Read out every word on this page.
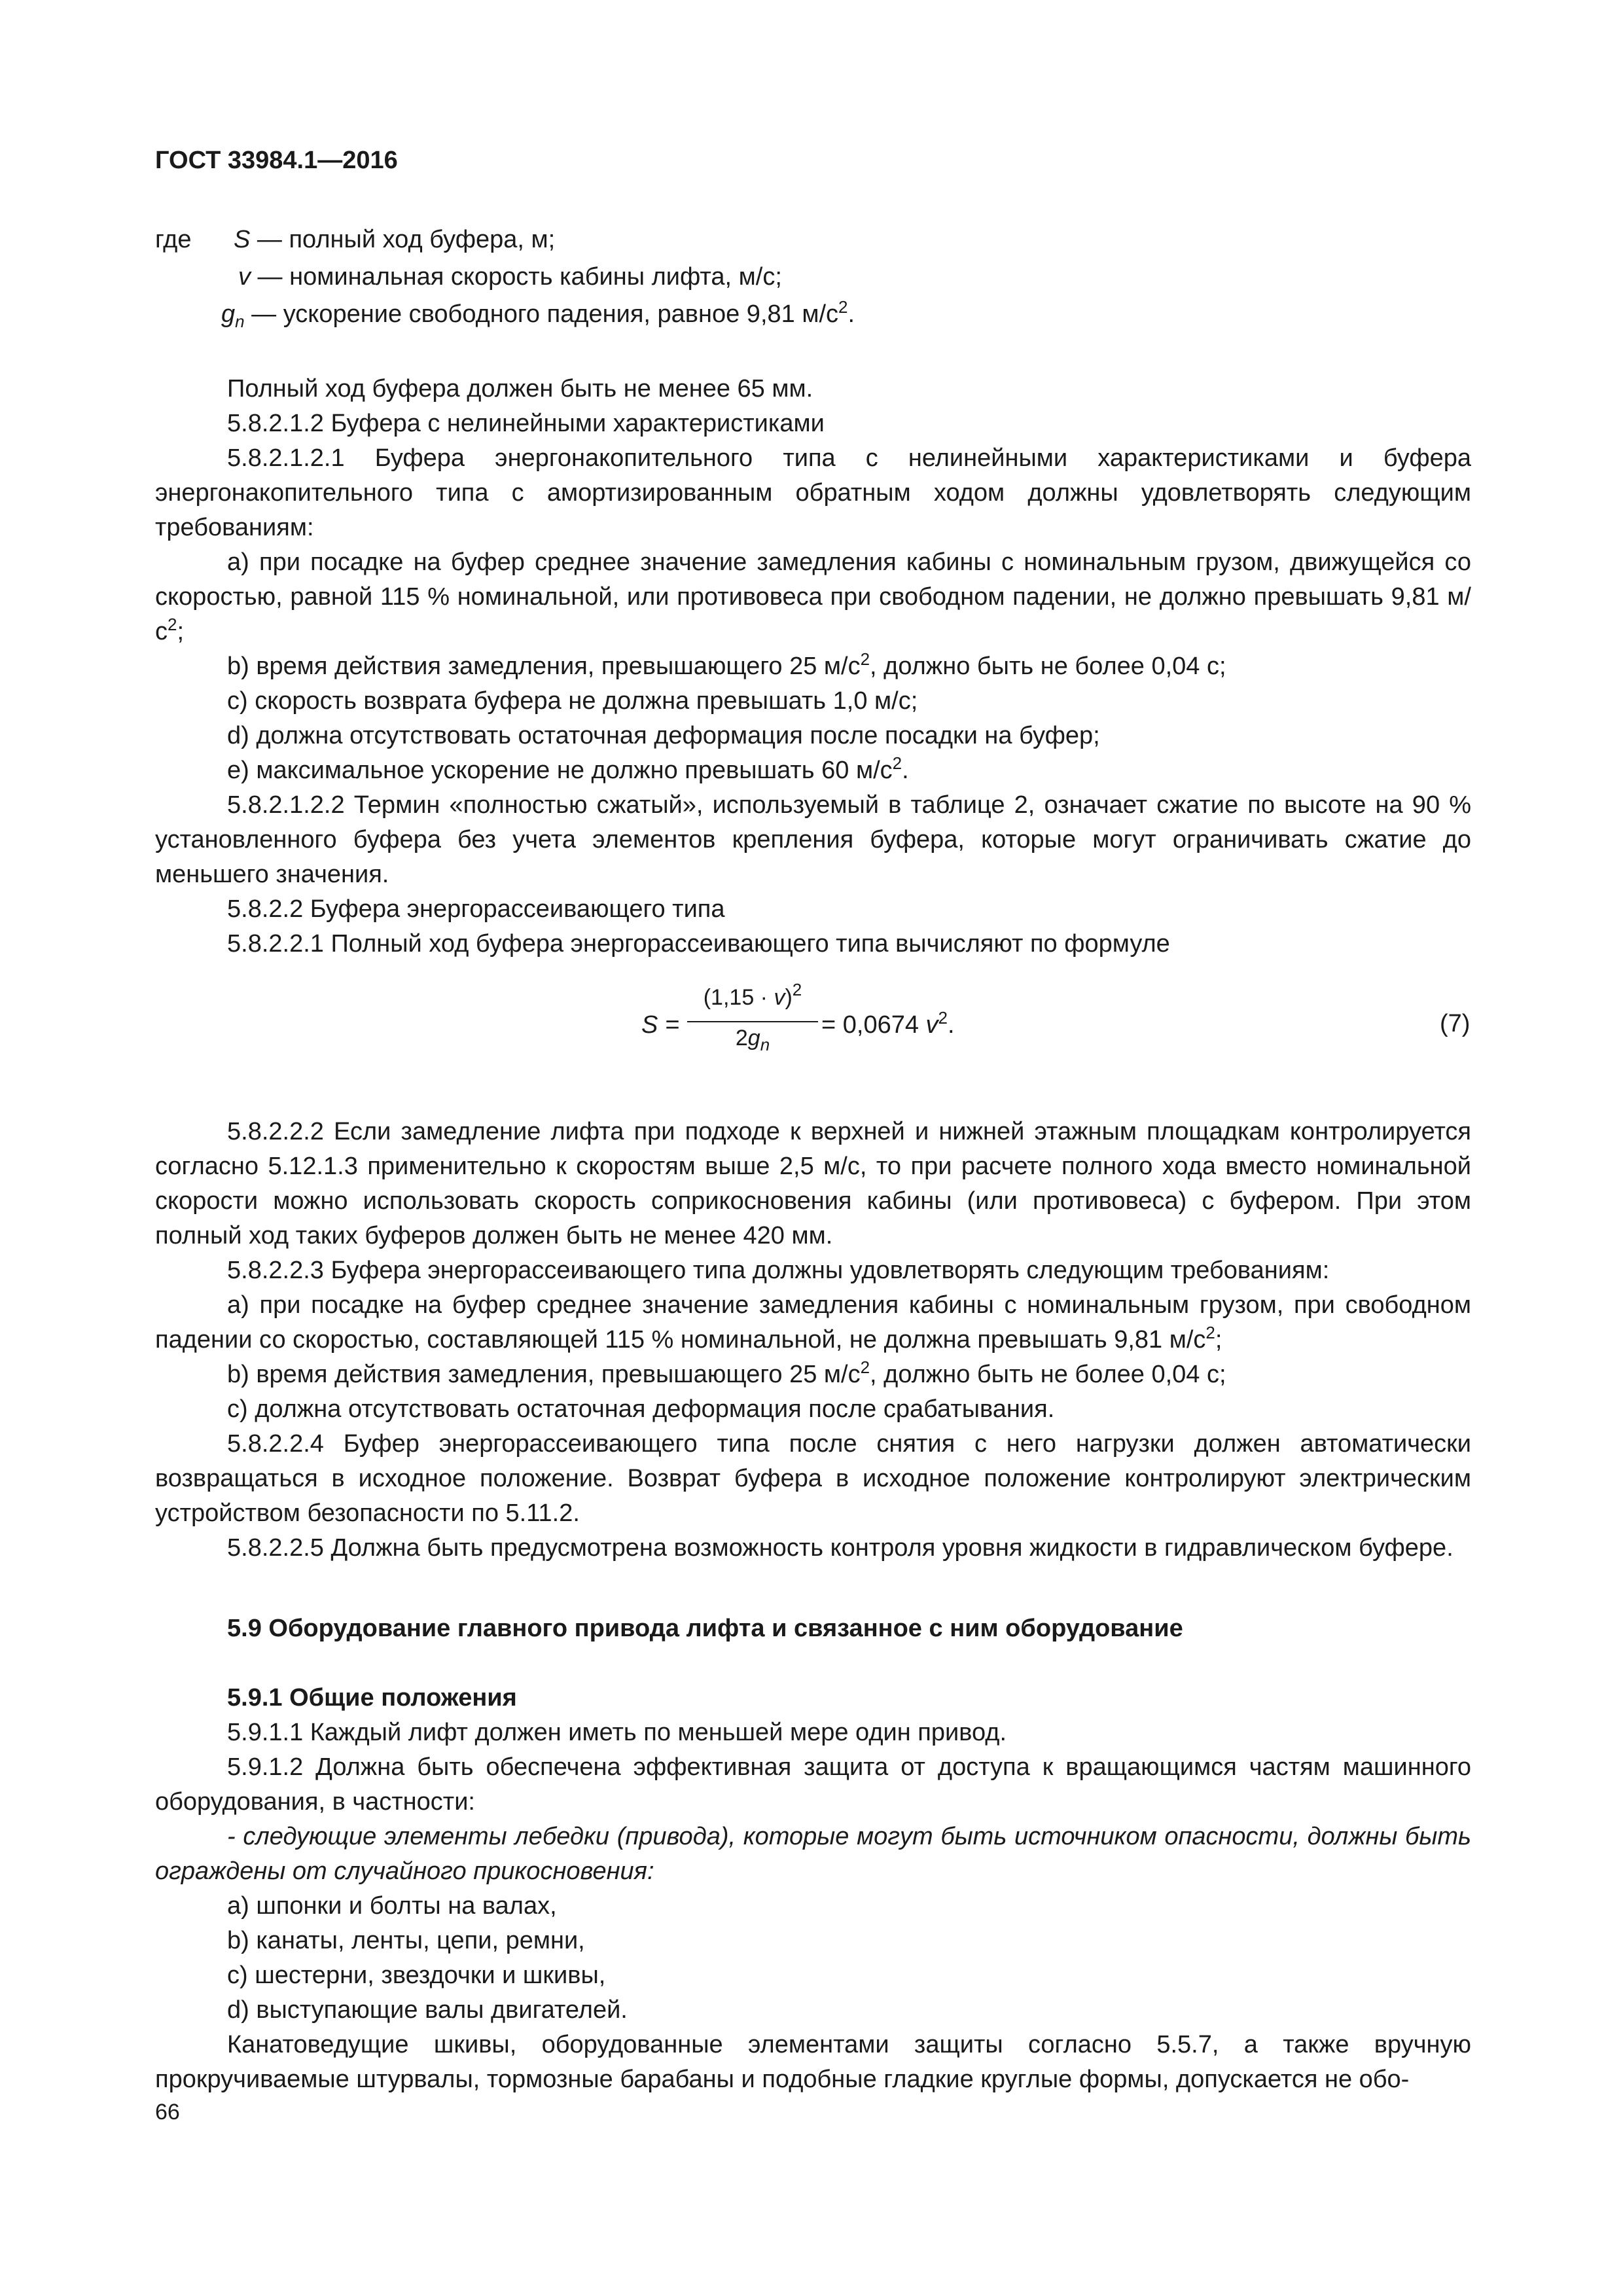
ГОСТ 33984.1—2016
где S — полный ход буфера, м;
v — номинальная скорость кабины лифта, м/с;
$g_n$ — ускорение свободного падения, равное 9,81 $м/с^2$.

Полный ход буфера должен быть не менее 65 мм.

5.8.2.1.2 Буфера с нелинейными характеристиками

5.8.2.1.2.1 Буфера энергонакопительного типа с нелинейными характеристиками и буфера энергонакопительного типа с амортизированным обратным ходом должны удовлетворять следующим требованиям:

а) при посадке на буфер среднее значение замедления кабины с номинальным грузом, движущейся со скоростью, равной 115 % номинальной, или противовеса при свободном падении, не должно превышать 9,81 $м/с^2$;

b) время действия замедления, превышающего 25 $м/с^2$, должно быть не более 0,04 с;

c) скорость возврата буфера не должна превышать 1,0 м/с;

d) должна отсутствовать остаточная деформация после посадки на буфер;

е) максимальное ускорение не должно превышать 60 $м/с^2$.

5.8.2.1.2.2 Термин «полностью сжатый», используемый в таблице 2, означает сжатие по высоте на 90 % установленного буфера без учета элементов крепления буфера, которые могут ограничивать сжатие до меньшего значения.

5.8.2.2 Буфера энергорассеивающего типа

5.8.2.2.1 Полный ход буфера энергорассеивающего типа вычисляют по формуле

S =
$(1,15 \cdot v)^2$
$2g_n$
= 0,0674 $v^2$.	(7)

5.8.2.2.2 Если замедление лифта при подходе к верхней и нижней этажным площадкам контролируется согласно 5.12.1.3 применительно к скоростям выше 2,5 м/с, то при расчете полного хода вместо номинальной скорости можно использовать скорость соприкосновения кабины (или противовеса) с буфером. При этом полный ход таких буферов должен быть не менее 420 мм.

5.8.2.2.3 Буфера энергорассеивающего типа должны удовлетворять следующим требованиям:

а) при посадке на буфер среднее значение замедления кабины с номинальным грузом, при свободном падении со скоростью, составляющей 115 % номинальной, не должна превышать 9,81 $м/с^2$;

b) время действия замедления, превышающего 25 $м/с^2$, должно быть не более 0,04 с;

с) должна отсутствовать остаточная деформация после срабатывания.

5.8.2.2.4 Буфер энергорассеивающего типа после снятия с него нагрузки должен автоматически возвращаться в исходное положение. Возврат буфера в исходное положение контролируют электрическим устройством безопасности по 5.11.2.

5.8.2.2.5 Должна быть предусмотрена возможность контроля уровня жидкости в гидравлическом буфере.

5.9 Оборудование главного привода лифта и связанное с ним оборудование

5.9.1 Общие положения

5.9.1.1 Каждый лифт должен иметь по меньшей мере один привод.

5.9.1.2 Должна быть обеспечена эффективная защита от доступа к вращающимся частям машинного оборудования, в частности:

- следующие элементы лебедки (привода), которые могут быть источником опасности, должны быть ограждены от случайного прикосновения:

а) шпонки и болты на валах,

b) канаты, ленты, цепи, ремни,

c) шестерни, звездочки и шкивы,

d) выступающие валы двигателей.

Канатоведущие шкивы, оборудованные элементами защиты согласно 5.5.7, а также вручную прокручиваемые штурвалы, тормозные барабаны и подобные гладкие круглые формы, допускается не обо-

66
